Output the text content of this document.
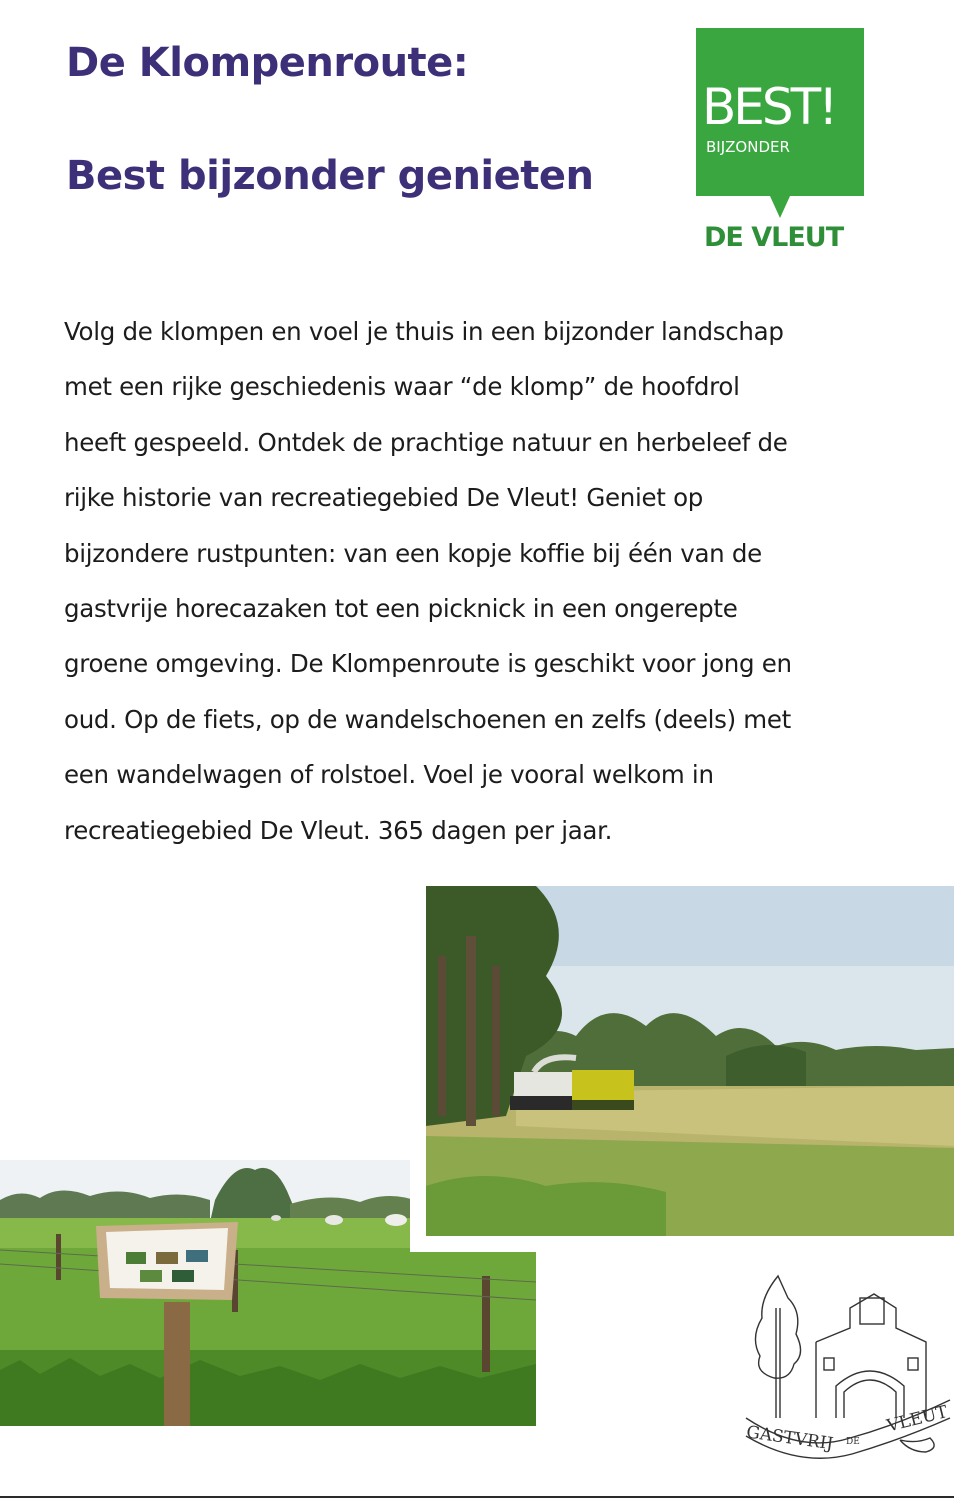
De Klompenroute:
Best bijzonder genieten
BEST!
BIJZONDER
DE VLEUT
Volg de klompen en voel je thuis in een bijzonder landschap
met een rijke geschiedenis waar “de klomp” de hoofdrol
heeft gespeeld. Ontdek de prachtige natuur en herbeleef de
rijke historie van recreatiegebied De Vleut! Geniet op
bijzondere rustpunten: van een kopje koffie bij één van de
gastvrije horecazaken tot een picknick in een ongerepte
groene omgeving. De Klompenroute is geschikt voor jong en
oud. Op de fiets, op de wandelschoenen en zelfs (deels) met
een wandelwagen of rolstoel. Voel je vooral welkom in
recreatiegebied De Vleut. 365 dagen per jaar.
GASTVRIJ DE
VLEUT
